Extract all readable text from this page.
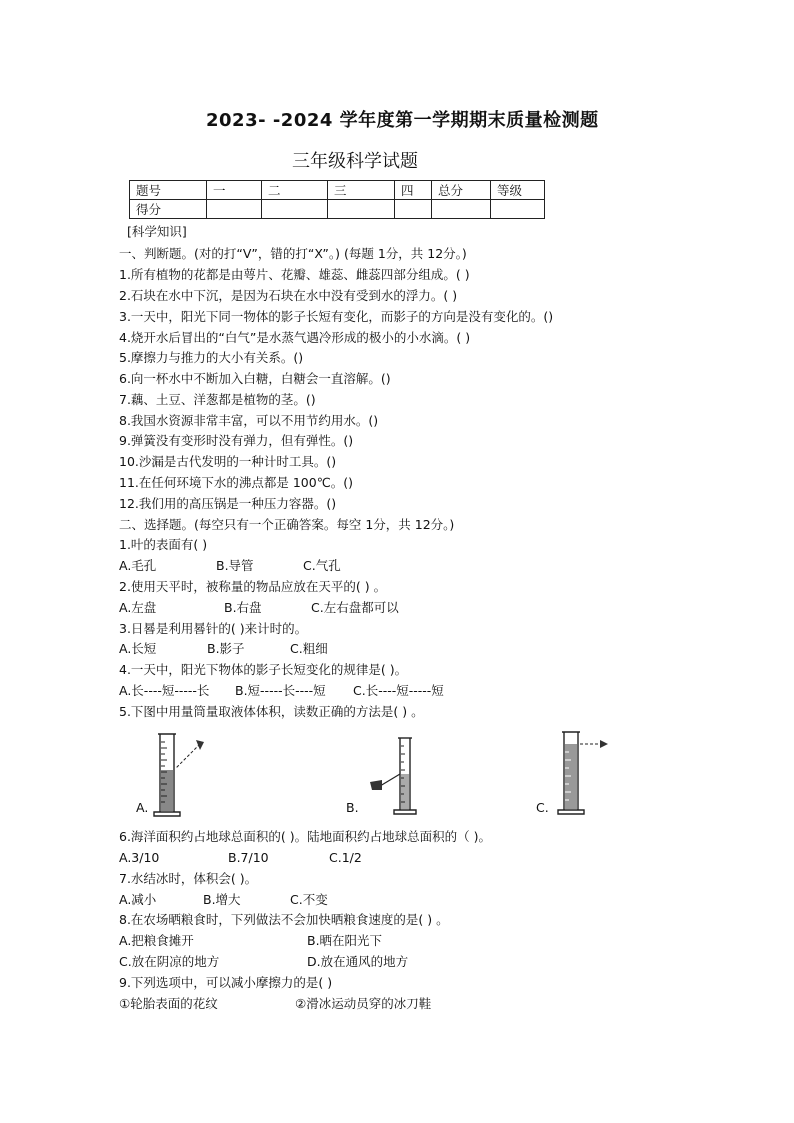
2023- -2024 学年度第一学期期末质量检测题
三年级科学试题
题号	一	二	三	四	总分	等级
得分						
[科学知识]
一、判断题。(对的打“V”，错的打“X”。) (每题 1分，共 12分。)
1.所有植物的花都是由萼片、花瓣、雄蕊、雌蕊四部分组成。( )
2.石块在水中下沉，是因为石块在水中没有受到水的浮力。( )
3.一天中，阳光下同一物体的影子长短有变化，而影子的方向是没有变化的。()
4.烧开水后冒出的“白气”是水蒸气遇冷形成的极小的小水滴。( )
5.摩擦力与推力的大小有关系。()
6.向一杯水中不断加入白糖，白糖会一直溶解。()
7.藕、土豆、洋葱都是植物的茎。()
8.我国水资源非常丰富，可以不用节约用水。()
9.弹簧没有变形时没有弹力，但有弹性。()
10.沙漏是古代发明的一种计时工具。()
11.在任何环境下水的沸点都是 100℃。()
12.我们用的高压锅是一种压力容器。()
二、选择题。(每空只有一个正确答案。每空 1分，共 12分。)
1.叶的表面有( )
A.毛孔	B.导管	C.气孔
2.使用天平时，被称量的物品应放在天平的( ) 。
A.左盘	B.右盘	C.左右盘都可以
3.日晷是利用晷针的( )来计时的。
A.长短	B.影子	C.粗细
4.一天中，阳光下物体的影子长短变化的规律是( )。
A.长----短-----长 B.短-----长----短 C.长----短-----短
5.下图中用量筒量取液体体积，读数正确的方法是( ) 。
A.	B.	C.
6.海洋面积约占地球总面积的( )。陆地面积约占地球总面积的（ )。
A.3/10	B.7/10	C.1/2
7.水结冰时，体积会( )。
A.减小	B.增大	C.不变
8.在农场晒粮食时，下列做法不会加快晒粮食速度的是( ) 。
A.把粮食摊开	B.晒在阳光下
C.放在阴凉的地方	D.放在通风的地方
9.下列选项中，可以减小摩擦力的是( )
①轮胎表面的花纹	②滑冰运动员穿的冰刀鞋
